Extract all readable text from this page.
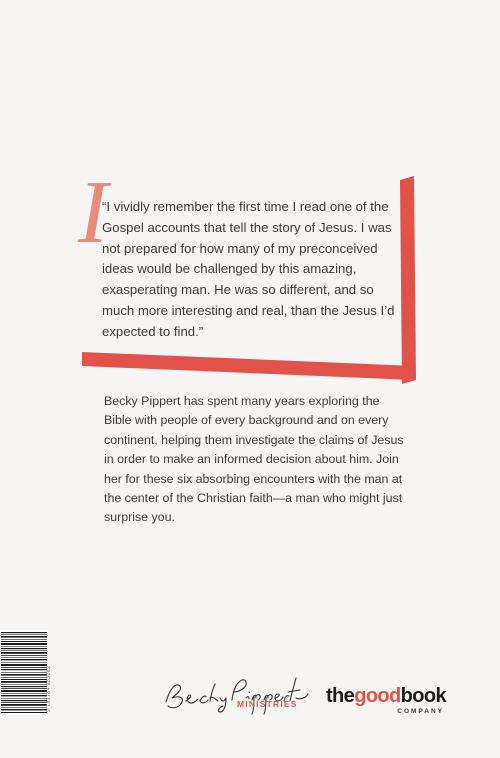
I
“I vividly remember the first time I read one of the Gospel accounts that tell the story of Jesus. I was not prepared for how many of my preconceived ideas would be challenged by this amazing, exasperating man. He was so different, and so much more interesting and real, than the Jesus I’d expected to find.”
Becky Pippert has spent many years exploring the Bible with people of every background and on every continent, helping them investigate the claims of Jesus in order to make an informed decision about him. Join her for these six absorbing encounters with the man at the center of the Christian faith—a man who might just surprise you.
9 781784 983062	MINISTRIES thegoodbook
COMPANY
